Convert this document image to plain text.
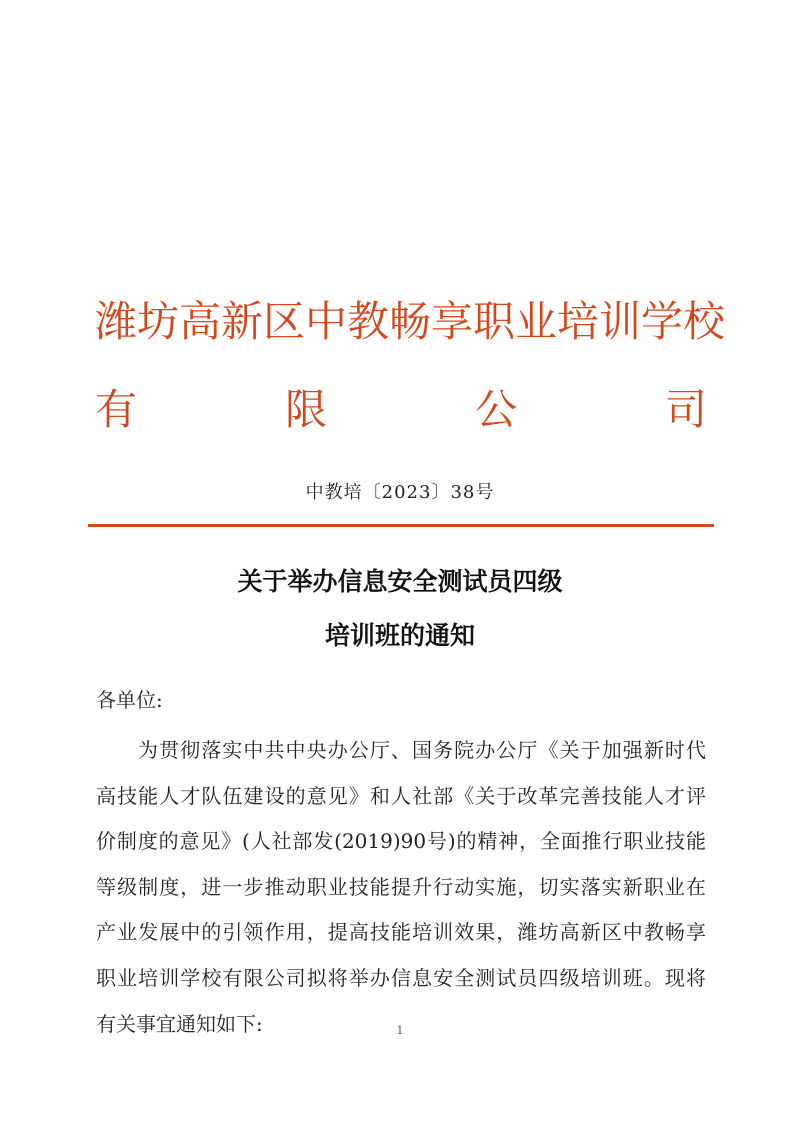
潍坊高新区中教畅享职业培训学校
有	限	公	司
中教培〔2023〕38号
关于举办信息安全测试员四级
培训班的通知
各单位:
为贯彻落实中共中央办公厅、国务院办公厅《关于加强新时代
高技能人才队伍建设的意见》和人社部《关于改革完善技能人才评
价制度的意见》(人社部发(2019)90号)的精神，全面推行职业技能
等级制度，进一步推动职业技能提升行动实施，切实落实新职业在
产业发展中的引领作用，提高技能培训效果，潍坊高新区中教畅享
职业培训学校有限公司拟将举办信息安全测试员四级培训班。现将
有关事宜通知如下:	1
